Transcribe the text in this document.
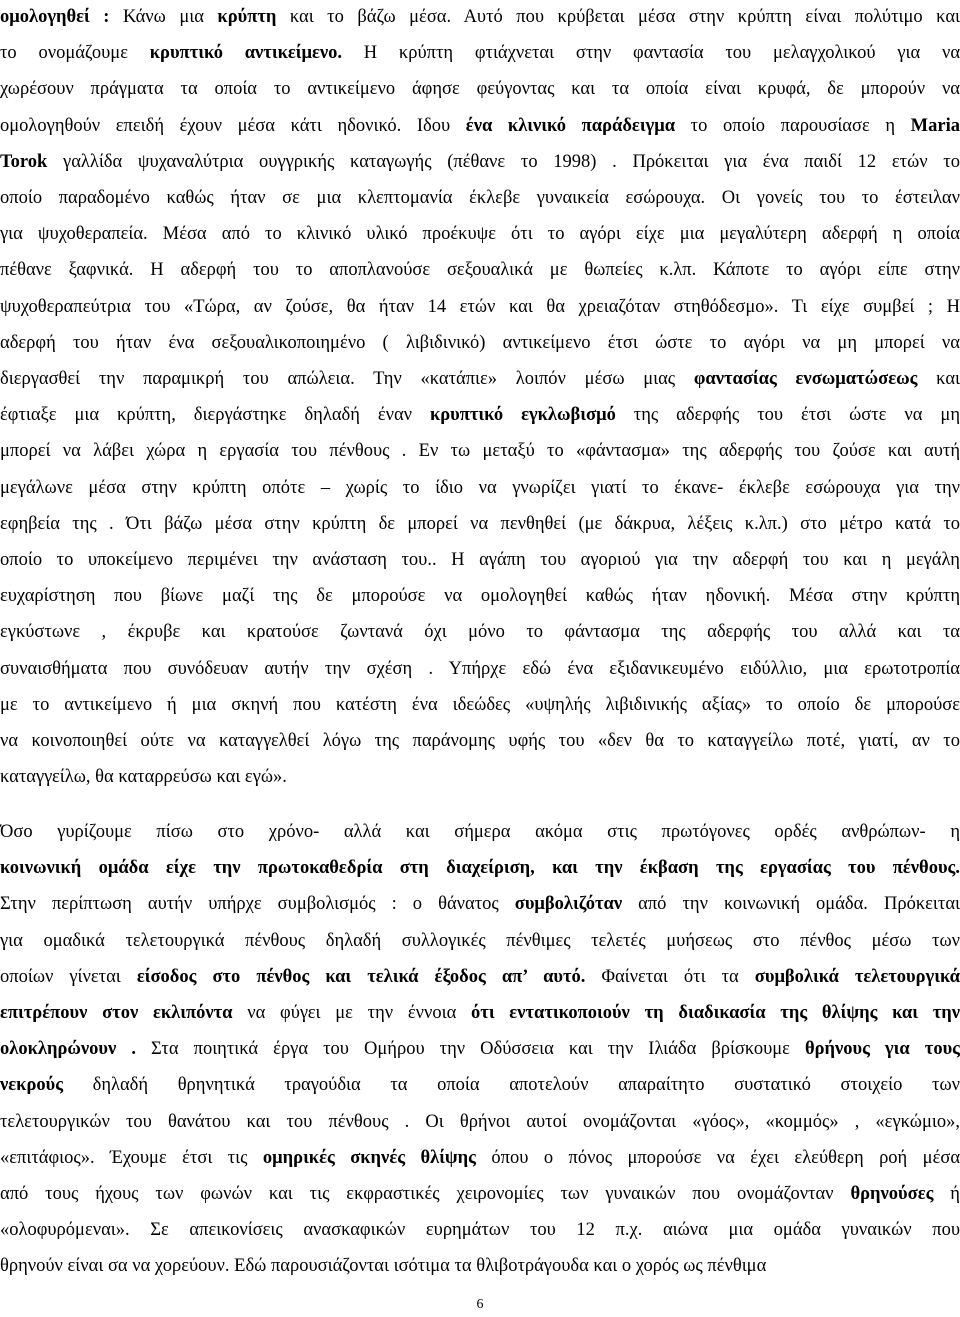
ομολογηθεί : Κάνω μια κρύπτη και το βάζω μέσα. Αυτό που κρύβεται μέσα στην κρύπτη είναι πολύτιμο και
το ονομάζουμε κρυπτικό αντικείμενο. Η κρύπτη φτιάχνεται στην φαντασία του μελαγχολικού για να
χωρέσουν πράγματα τα οποία το αντικείμενο άφησε φεύγοντας και τα οποία είναι κρυφά, δε μπορούν να
ομολογηθούν επειδή έχουν μέσα κάτι ηδονικό. Ιδου ένα κλινικό παράδειγμα το οποίο παρουσίασε η Maria
Torok γαλλίδα ψυχαναλύτρια ουγγρικής καταγωγής (πέθανε το 1998) . Πρόκειται για ένα παιδί 12 ετών το
οποίο παραδομένο καθώς ήταν σε μια κλεπτομανία έκλεβε γυναικεία εσώρουχα. Οι γονείς του το έστειλαν
για ψυχοθεραπεία. Μέσα από το κλινικό υλικό προέκυψε ότι το αγόρι είχε μια μεγαλύτερη αδερφή η οποία
πέθανε ξαφνικά. Η αδερφή του το αποπλανούσε σεξουαλικά με θωπείες κ.λπ. Κάποτε το αγόρι είπε στην
ψυχοθεραπεύτρια του «Τώρα, αν ζούσε, θα ήταν 14 ετών και θα χρειαζόταν στηθόδεσμο». Τι είχε συμβεί ; Η
αδερφή του ήταν ένα σεξουαλικοποιημένο ( λιβιδινικό) αντικείμενο έτσι ώστε το αγόρι να μη μπορεί να
διεργασθεί την παραμικρή του απώλεια. Την «κατάπιε» λοιπόν μέσω μιας φαντασίας ενσωματώσεως και
έφτιαξε μια κρύπτη, διεργάστηκε δηλαδή έναν κρυπτικό εγκλωβισμό της αδερφής του έτσι ώστε να μη
μπορεί να λάβει χώρα η εργασία του πένθους . Εν τω μεταξύ το «φάντασμα» της αδερφής του ζούσε και αυτή
μεγάλωνε μέσα στην κρύπτη οπότε – χωρίς το ίδιο να γνωρίζει γιατί το έκανε- έκλεβε εσώρουχα για την
εφηβεία της . Ότι βάζω μέσα στην κρύπτη δε μπορεί να πενθηθεί (με δάκρυα, λέξεις κ.λπ.) στο μέτρο κατά το
οποίο το υποκείμενο περιμένει την ανάσταση του.. Η αγάπη του αγοριού για την αδερφή του και η μεγάλη
ευχαρίστηση που βίωνε μαζί της δε μπορούσε να ομολογηθεί καθώς ήταν ηδονική. Μέσα στην κρύπτη
εγκύστωνε , έκρυβε και κρατούσε ζωντανά όχι μόνο το φάντασμα της αδερφής του αλλά και τα
συναισθήματα που συνόδευαν αυτήν την σχέση . Υπήρχε εδώ ένα εξιδανικευμένο ειδύλλιο, μια ερωτοτροπία
με το αντικείμενο ή μια σκηνή που κατέστη ένα ιδεώδες «υψηλής λιβιδινικής αξίας» το οποίο δε μπορούσε
να κοινοποιηθεί ούτε να καταγγελθεί λόγω της παράνομης υφής του «δεν θα το καταγγείλω ποτέ, γιατί, αν το
καταγγείλω, θα καταρρεύσω και εγώ».
Όσο γυρίζουμε πίσω στο χρόνο- αλλά και σήμερα ακόμα στις πρωτόγονες ορδές ανθρώπων- η
κοινωνική ομάδα είχε την πρωτοκαθεδρία στη διαχείριση, και την έκβαση της εργασίας του πένθους.
Στην περίπτωση αυτήν υπήρχε συμβολισμός : ο θάνατος συμβολιζόταν από την κοινωνική ομάδα. Πρόκειται
για ομαδικά τελετουργικά πένθους δηλαδή συλλογικές πένθιμες τελετές μυήσεως στο πένθος μέσω των
οποίων γίνεται είσοδος στο πένθος και τελικά έξοδος απ’ αυτό. Φαίνεται ότι τα συμβολικά τελετουργικά
επιτρέπουν στον εκλιπόντα να φύγει με την έννοια ότι εντατικοποιούν τη διαδικασία της θλίψης και την
ολοκληρώνουν . Στα ποιητικά έργα του Ομήρου την Οδύσσεια και την Ιλιάδα βρίσκουμε θρήνους για τους
νεκρούς δηλαδή θρηνητικά τραγούδια τα οποία αποτελούν απαραίτητο συστατικό στοιχείο των
τελετουργικών του θανάτου και του πένθους . Οι θρήνοι αυτοί ονομάζονται «γόος», «κομμός» , «εγκώμιο»,
«επιτάφιος». Έχουμε έτσι τις ομηρικές σκηνές θλίψης όπου ο πόνος μπορούσε να έχει ελεύθερη ροή μέσα
από τους ήχους των φωνών και τις εκφραστικές χειρονομίες των γυναικών που ονομάζονταν θρηνούσες ή
«ολοφυρόμεναι». Σε απεικονίσεις ανασκαφικών ευρημάτων του 12 π.χ. αιώνα μια ομάδα γυναικών που
θρηνούν είναι σα να χορεύουν. Εδώ παρουσιάζονται ισότιμα τα θλιβοτράγουδα και ο χορός ως πένθιμα
6
